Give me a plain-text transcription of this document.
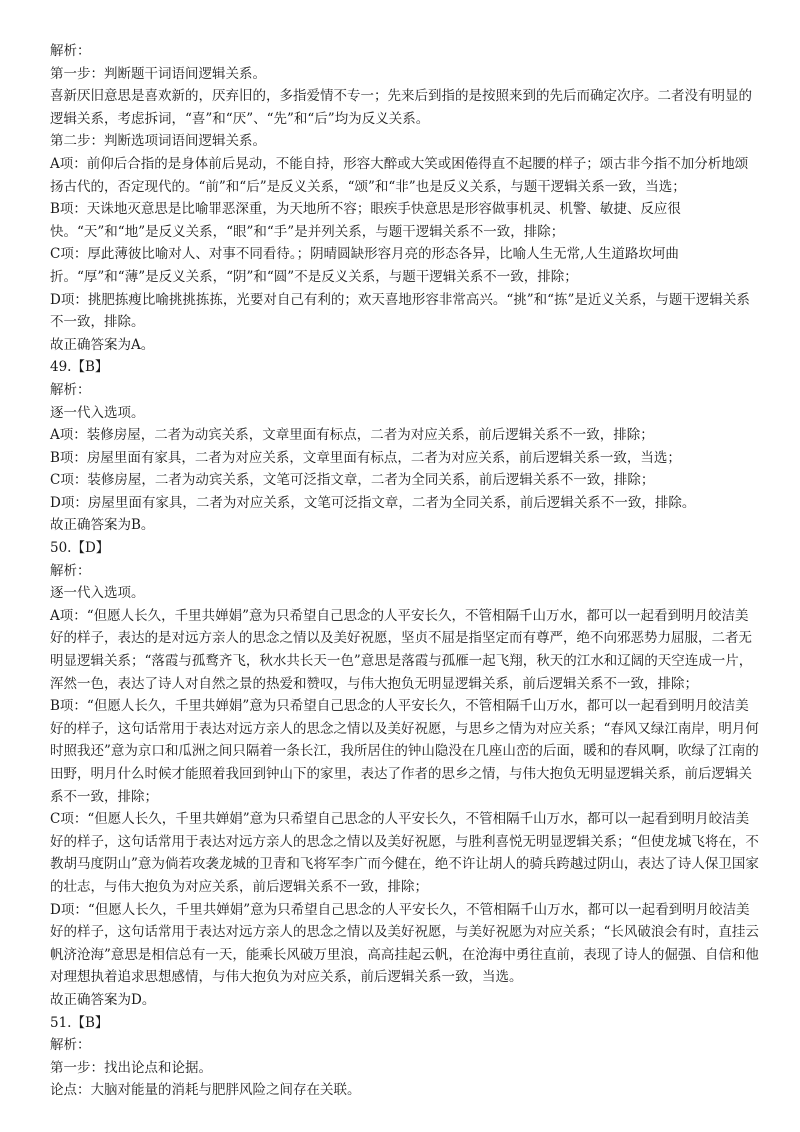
解析：

第一步：判断题干词语间逻辑关系。

喜新厌旧意思是喜欢新的，厌弃旧的，多指爱情不专一；先来后到指的是按照来到的先后而确定次序。二者没有明显的逻辑关系，考虑拆词，“喜”和“厌”、“先”和“后”均为反义关系。

第二步：判断选项词语间逻辑关系。

A项：前仰后合指的是身体前后晃动，不能自持，形容大醉或大笑或困倦得直不起腰的样子；颂古非今指不加分析地颂扬古代的，否定现代的。“前”和“后”是反义关系，“颂”和“非”也是反义关系，与题干逻辑关系一致，当选；

B项：天诛地灭意思是比喻罪恶深重，为天地所不容；眼疾手快意思是形容做事机灵、机警、敏捷、反应很快。“天”和“地”是反义关系，“眼”和“手”是并列关系，与题干逻辑关系不一致，排除；

C项：厚此薄彼比喻对人、对事不同看待。；阴晴圆缺形容月亮的形态各异，比喻人生无常,人生道路坎坷曲折。“厚”和“薄”是反义关系，“阴”和“圆”不是反义关系，与题干逻辑关系不一致，排除；

D项：挑肥拣瘦比喻挑挑拣拣，光要对自己有利的；欢天喜地形容非常高兴。“挑”和“拣”是近义关系，与题干逻辑关系不一致，排除。

故正确答案为A。

49.【B】

解析：

逐一代入选项。

A项：装修房屋，二者为动宾关系，文章里面有标点，二者为对应关系，前后逻辑关系不一致，排除；

B项：房屋里面有家具，二者为对应关系，文章里面有标点，二者为对应关系，前后逻辑关系一致，当选；

C项：装修房屋，二者为动宾关系，文笔可泛指文章，二者为全同关系，前后逻辑关系不一致，排除；

D项：房屋里面有家具，二者为对应关系，文笔可泛指文章，二者为全同关系，前后逻辑关系不一致，排除。

故正确答案为B。

50.【D】

解析：

逐一代入选项。

A项：“但愿人长久，千里共婵娟”意为只希望自己思念的人平安长久，不管相隔千山万水，都可以一起看到明月皎洁美好的样子，表达的是对远方亲人的思念之情以及美好祝愿，坚贞不屈是指坚定而有尊严，绝不向邪恶势力屈服，二者无明显逻辑关系；“落霞与孤鹜齐飞，秋水共长天一色”意思是落霞与孤雁一起飞翔，秋天的江水和辽阔的天空连成一片，浑然一色，表达了诗人对自然之景的热爱和赞叹，与伟大抱负无明显逻辑关系，前后逻辑关系不一致，排除；

B项：“但愿人长久，千里共婵娟”意为只希望自己思念的人平安长久，不管相隔千山万水，都可以一起看到明月皎洁美好的样子，这句话常用于表达对远方亲人的思念之情以及美好祝愿，与思乡之情为对应关系；“春风又绿江南岸，明月何时照我还”意为京口和瓜洲之间只隔着一条长江，我所居住的钟山隐没在几座山峦的后面，暖和的春风啊，吹绿了江南的田野，明月什么时候才能照着我回到钟山下的家里，表达了作者的思乡之情，与伟大抱负无明显逻辑关系，前后逻辑关系不一致，排除；

C项：“但愿人长久，千里共婵娟”意为只希望自己思念的人平安长久，不管相隔千山万水，都可以一起看到明月皎洁美好的样子，这句话常用于表达对远方亲人的思念之情以及美好祝愿，与胜利喜悦无明显逻辑关系；“但使龙城飞将在，不教胡马度阴山”意为倘若攻袭龙城的卫青和飞将军李广而今健在，绝不许让胡人的骑兵跨越过阴山，表达了诗人保卫国家的壮志，与伟大抱负为对应关系，前后逻辑关系不一致，排除；

D项：“但愿人长久，千里共婵娟”意为只希望自己思念的人平安长久，不管相隔千山万水，都可以一起看到明月皎洁美好的样子，这句话常用于表达对远方亲人的思念之情以及美好祝愿，与美好祝愿为对应关系；“长风破浪会有时，直挂云帆济沧海”意思是相信总有一天，能乘长风破万里浪，高高挂起云帆，在沧海中勇往直前，表现了诗人的倔强、自信和他对理想执着追求思想感情，与伟大抱负为对应关系，前后逻辑关系一致，当选。

故正确答案为D。

51.【B】

解析：

第一步：找出论点和论据。

论点：大脑对能量的消耗与肥胖风险之间存在关联。
